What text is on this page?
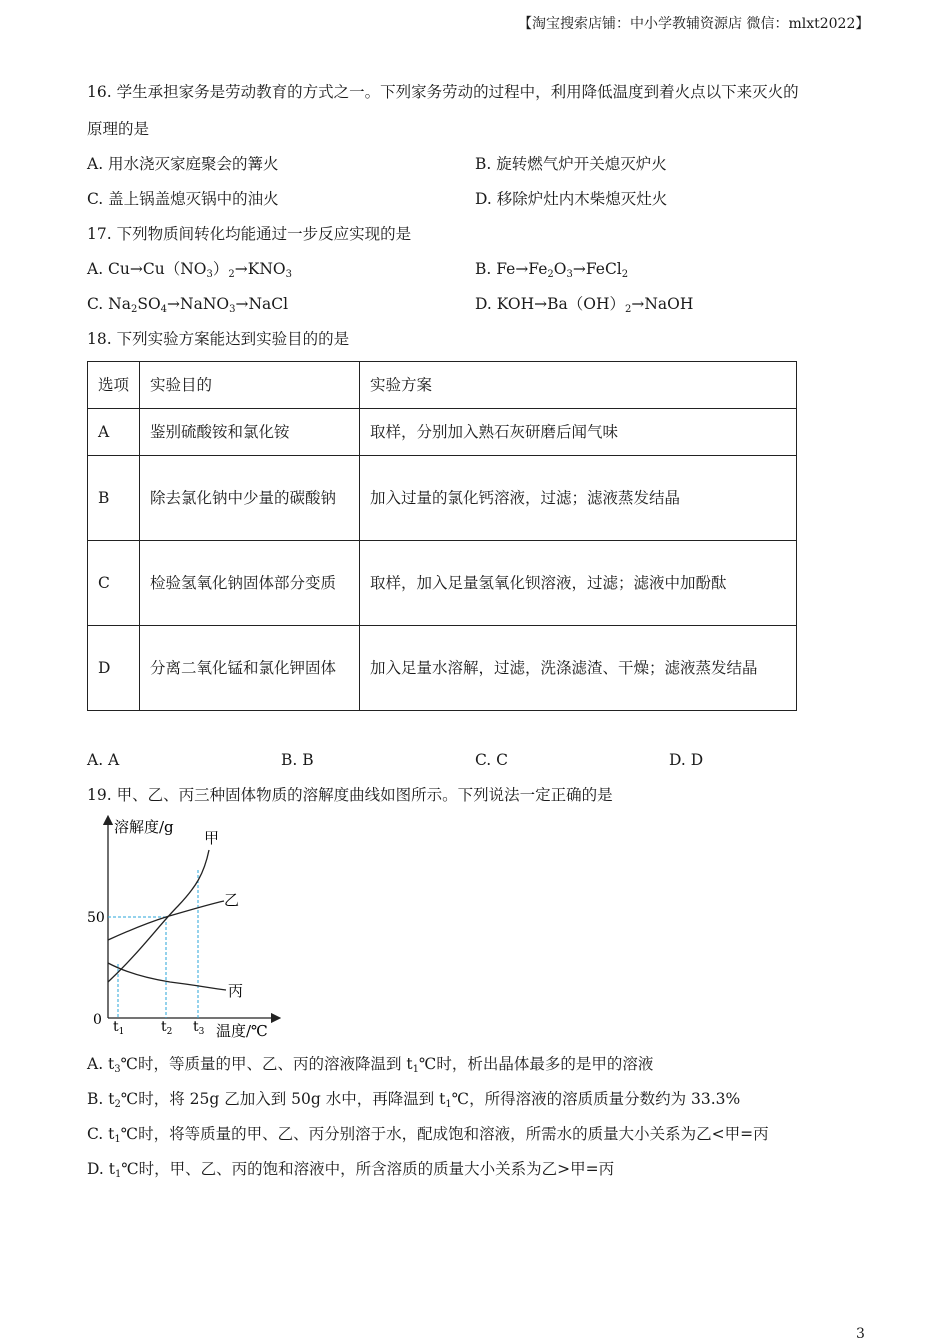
【淘宝搜索店铺：中小学教辅资源店 微信：mlxt2022】
16. 学生承担家务是劳动教育的方式之一。下列家务劳动的过程中，利用降低温度到着火点以下来灭火的
原理的是
A. 用水浇灭家庭聚会的篝火	B. 旋转燃气炉开关熄灭炉火
C. 盖上锅盖熄灭锅中的油火	D. 移除炉灶内木柴熄灭灶火
17. 下列物质间转化均能通过一步反应实现的是
A. $Cu\to Cu(NO_3)_2\to KNO_3$	B. $Fe\to Fe_2O_3\to FeCl_2$
C. $Na_2SO_4\to NaNO_3\to NaCl$	D. $KOH\to Ba(OH)_2\to NaOH$
18. 下列实验方案能达到实验目的的是
选项	实验目的	实验方案
A	鉴别硫酸铵和氯化铵	取样，分别加入熟石灰研磨后闻气味
B	除去氯化钠中少量的碳酸钠	加入过量的氯化钙溶液，过滤；滤液蒸发结晶
C	检验氢氧化钠固体部分变质	取样，加入足量氢氧化钡溶液，过滤；滤液中加酚酞
D	分离二氧化锰和氯化钾固体	加入足量水溶解，过滤，洗涤滤渣、干燥；滤液蒸发结晶
A. A	B. B	C. C	D. D
19. 甲、乙、丙三种固体物质的溶解度曲线如图所示。下列说法一定正确的是
溶解度/g
甲
乙
丙
50
0 $t_1$	$t_2$ $t_3$ 温度/℃
A. $t_3℃$时，等质量的甲、乙、丙的溶液降温到 $t_1℃$时，析出晶体最多的是甲的溶液
B. $t_2℃$时，将 25g 乙加入到 50g 水中，再降温到 $t_1℃$，所得溶液的溶质质量分数约为 33.3%
C. $t_1℃$时，将等质量的甲、乙、丙分别溶于水，配成饱和溶液，所需水的质量大小关系为乙<甲=丙
D. $t_1℃$时，甲、乙、丙的饱和溶液中，所含溶质的质量大小关系为乙>甲=丙
3
